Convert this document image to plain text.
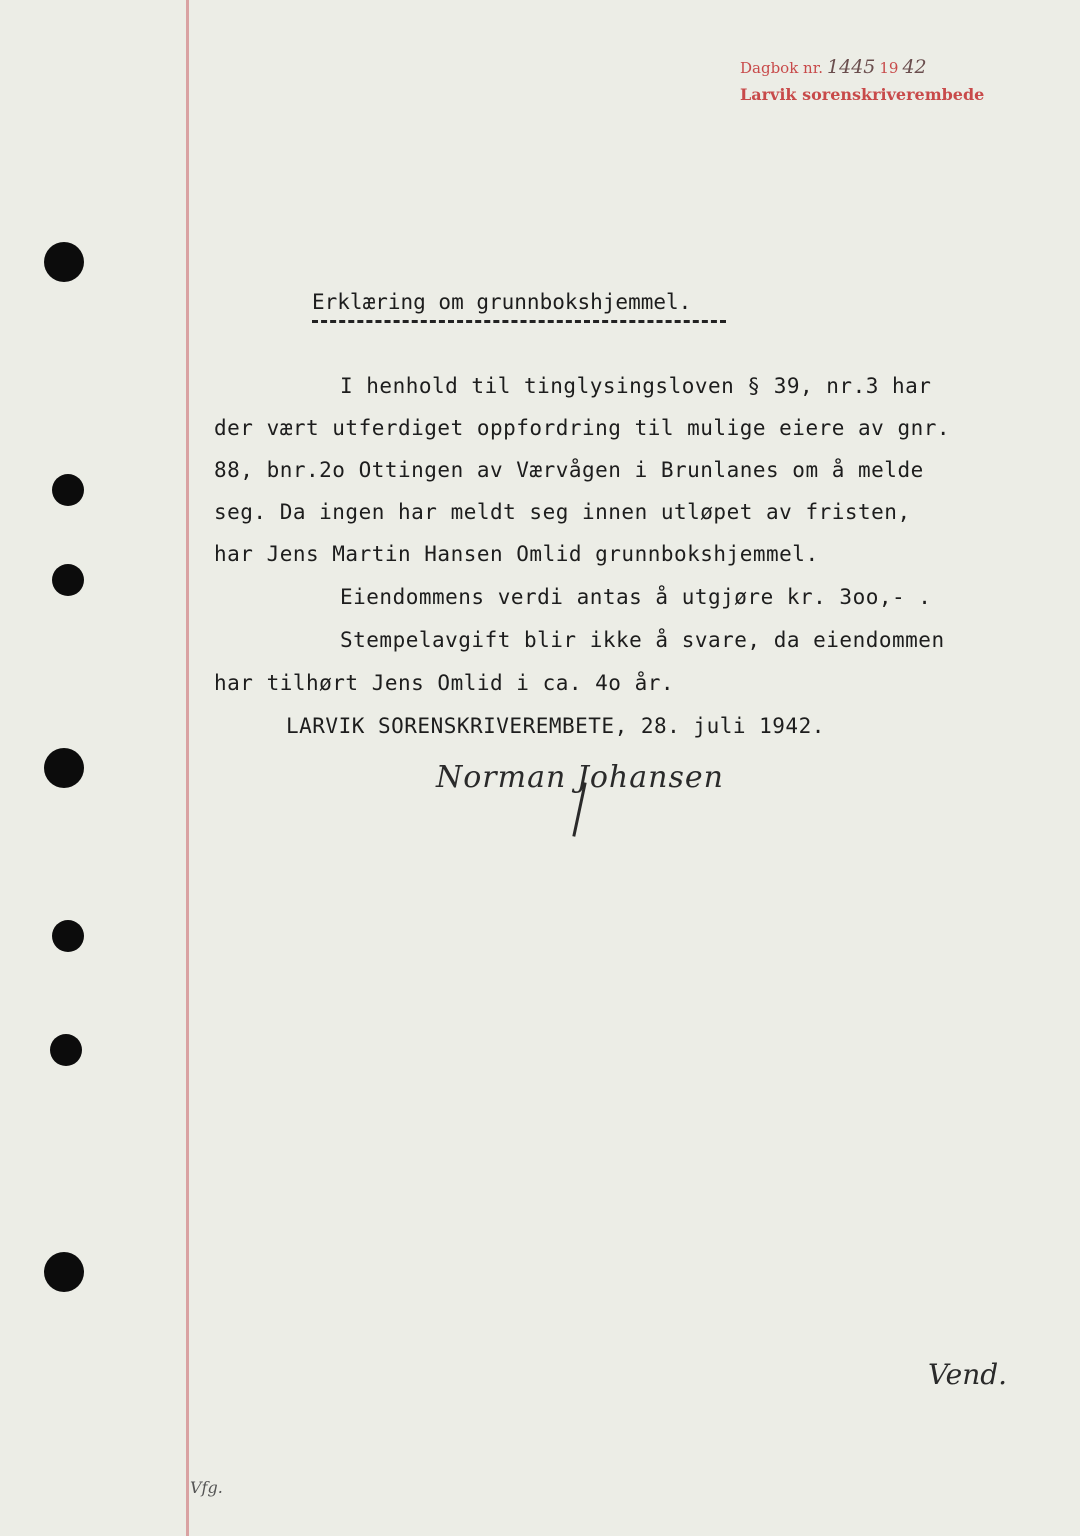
Dagbok nr. 1445 19 42
Larvik sorenskriverembede
Erklæring om grunnbokshjemmel.
I henhold til tinglysingsloven § 39, nr.3 har
der vært utferdiget oppfordring til mulige eiere av gnr.
88, bnr.2o Ottingen av Værvågen i Brunlanes om å melde
seg. Da ingen har meldt seg innen utløpet av fristen,
har Jens Martin Hansen Omlid grunnbokshjemmel.
Eiendommens verdi antas å utgjøre kr. 3oo,- .
Stempelavgift blir ikke å svare, da eiendommen
har tilhørt Jens Omlid i ca. 4o år.
LARVIK SORENSKRIVEREMBETE, 28. juli 1942.
Norman Johansen
Vend.
Vfg.
